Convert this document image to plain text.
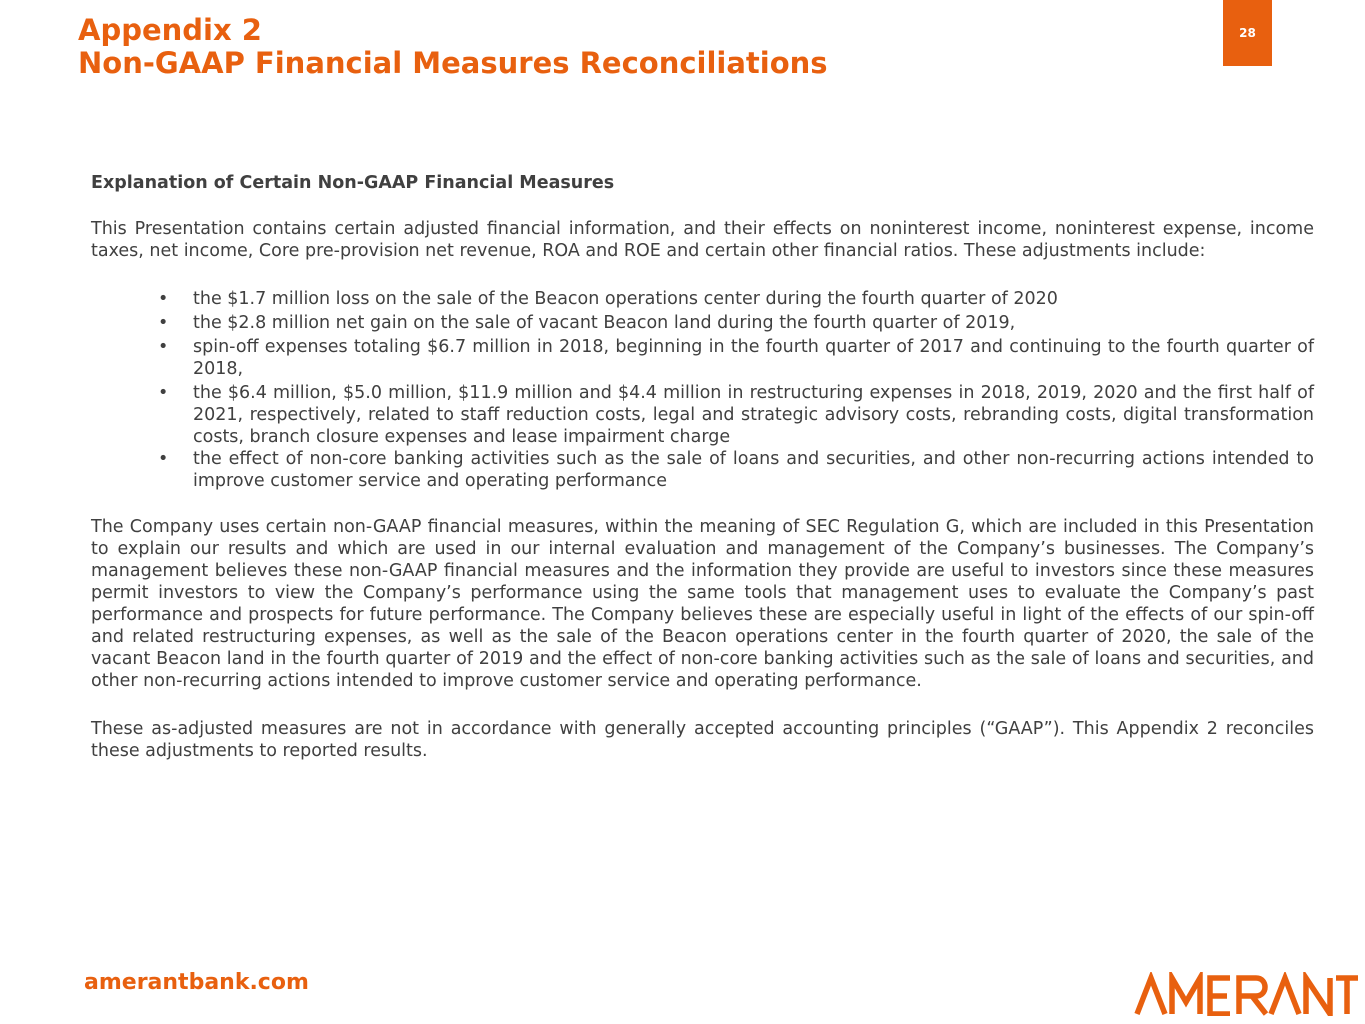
Appendix 2
Non-GAAP Financial Measures Reconciliations
28

Explanation of Certain Non-GAAP Financial Measures

This Presentation contains certain adjusted financial information, and their effects on noninterest income, noninterest expense, income taxes, net income, Core pre-provision net revenue, ROA and ROE and certain other financial ratios. These adjustments include:

• the $1.7 million loss on the sale of the Beacon operations center during the fourth quarter of 2020
• the $2.8 million net gain on the sale of vacant Beacon land during the fourth quarter of 2019,
• spin-off expenses totaling $6.7 million in 2018, beginning in the fourth quarter of 2017 and continuing to the fourth quarter of 2018,
• the $6.4 million, $5.0 million, $11.9 million and $4.4 million in restructuring expenses in 2018, 2019, 2020 and the first half of 2021, respectively, related to staff reduction costs, legal and strategic advisory costs, rebranding costs, digital transformation costs, branch closure expenses and lease impairment charge
• the effect of non-core banking activities such as the sale of loans and securities, and other non-recurring actions intended to improve customer service and operating performance

The Company uses certain non-GAAP financial measures, within the meaning of SEC Regulation G, which are included in this Presentation to explain our results and which are used in our internal evaluation and management of the Company’s businesses. The Company’s management believes these non-GAAP financial measures and the information they provide are useful to investors since these measures permit investors to view the Company’s performance using the same tools that management uses to evaluate the Company’s past performance and prospects for future performance. The Company believes these are especially useful in light of the effects of our spin-off and related restructuring expenses, as well as the sale of the Beacon operations center in the fourth quarter of 2020, the sale of the vacant Beacon land in the fourth quarter of 2019 and the effect of non-core banking activities such as the sale of loans and securities, and other non-recurring actions intended to improve customer service and operating performance.

These as-adjusted measures are not in accordance with generally accepted accounting principles (“GAAP”). This Appendix 2 reconciles these adjustments to reported results.

amerantbank.com
